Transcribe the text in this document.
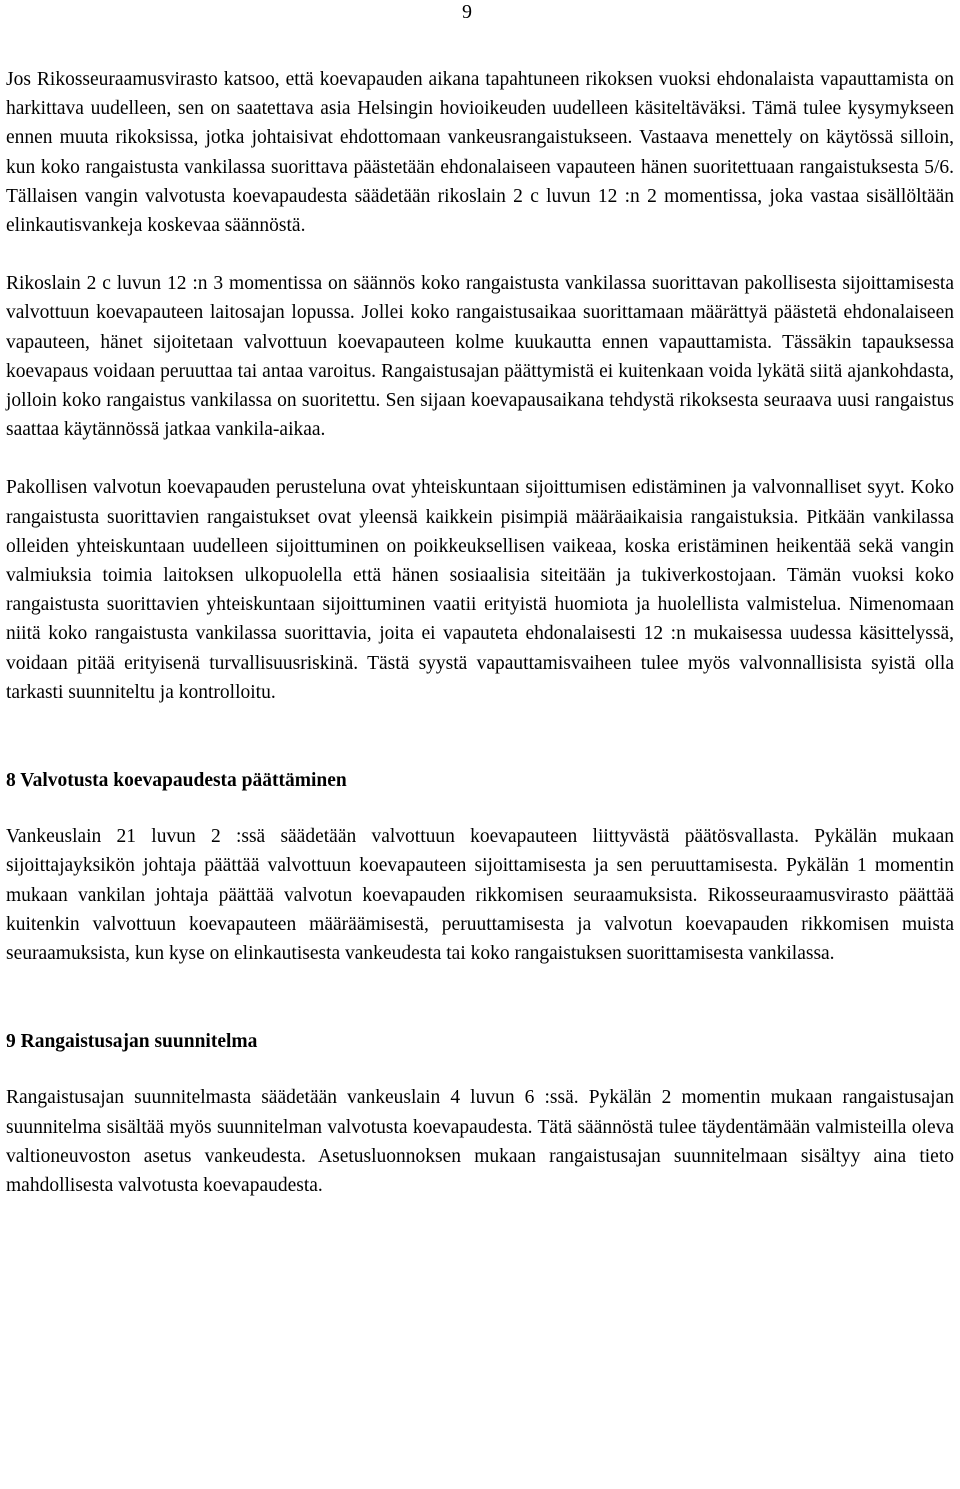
9

Jos Rikosseuraamusvirasto katsoo, että koevapauden aikana tapahtuneen rikoksen vuoksi ehdonalaista vapauttamista on harkittava uudelleen, sen on saatettava asia Helsingin hovioikeuden uudelleen käsiteltäväksi. Tämä tulee kysymykseen ennen muuta rikoksissa, jotka johtaisivat ehdottomaan vankeusrangaistukseen. Vastaava menettely on käytössä silloin, kun koko rangaistusta vankilassa suorittava päästetään ehdonalaiseen vapauteen hänen suoritettuaan rangaistuksesta 5/6. Tällaisen vangin valvotusta koevapaudesta säädetään rikoslain 2 c luvun 12 :n 2 momentissa, joka vastaa sisällöltään elinkautisvankeja koskevaa säännöstä.

Rikoslain 2 c luvun 12 :n 3 momentissa on säännös koko rangaistusta vankilassa suorittavan pakollisesta sijoittamisesta valvottuun koevapauteen laitosajan lopussa. Jollei koko rangaistusaikaa suorittamaan määrättyä päästetä ehdonalaiseen vapauteen, hänet sijoitetaan valvottuun koevapauteen kolme kuukautta ennen vapauttamista. Tässäkin tapauksessa koevapaus voidaan peruuttaa tai antaa varoitus. Rangaistusajan päättymistä ei kuitenkaan voida lykätä siitä ajankohdasta, jolloin koko rangaistus vankilassa on suoritettu. Sen sijaan koevapausaikana tehdystä rikoksesta seuraava uusi rangaistus saattaa käytännössä jatkaa vankila-aikaa.

Pakollisen valvotun koevapauden perusteluna ovat yhteiskuntaan sijoittumisen edistäminen ja valvonnalliset syyt. Koko rangaistusta suorittavien rangaistukset ovat yleensä kaikkein pisimpiä määräaikaisia rangaistuksia. Pitkään vankilassa olleiden yhteiskuntaan uudelleen sijoittuminen on poikkeuksellisen vaikeaa, koska eristäminen heikentää sekä vangin valmiuksia toimia laitoksen ulkopuolella että hänen sosiaalisia siteitään ja tukiverkostojaan. Tämän vuoksi koko rangaistusta suorittavien yhteiskuntaan sijoittuminen vaatii erityistä huomiota ja huolellista valmistelua. Nimenomaan niitä koko rangaistusta vankilassa suorittavia, joita ei vapauteta ehdonalaisesti 12 :n mukaisessa uudessa käsittelyssä, voidaan pitää erityisenä turvallisuusriskinä. Tästä syystä vapauttamisvaiheen tulee myös valvonnallisista syistä olla tarkasti suunniteltu ja kontrolloitu.

8 Valvotusta koevapaudesta päättäminen

Vankeuslain 21 luvun 2 :ssä säädetään valvottuun koevapauteen liittyvästä päätösvallasta. Pykälän mukaan sijoittajayksikön johtaja päättää valvottuun koevapauteen sijoittamisesta ja sen peruuttamisesta. Pykälän 1 momentin mukaan vankilan johtaja päättää valvotun koevapauden rikkomisen seuraamuksista. Rikosseuraamusvirasto päättää kuitenkin valvottuun koevapauteen määräämisestä, peruuttamisesta ja valvotun koevapauden rikkomisen muista seuraamuksista, kun kyse on elinkautisesta vankeudesta tai koko rangaistuksen suorittamisesta vankilassa.

9 Rangaistusajan suunnitelma

Rangaistusajan suunnitelmasta säädetään vankeuslain 4 luvun 6 :ssä. Pykälän 2 momentin mukaan rangaistusajan suunnitelma sisältää myös suunnitelman valvotusta koevapaudesta. Tätä säännöstä tulee täydentämään valmisteilla oleva valtioneuvoston asetus vankeudesta. Asetusluonnoksen mukaan rangaistusajan suunnitelmaan sisältyy aina tieto mahdollisesta valvotusta koevapaudesta.
